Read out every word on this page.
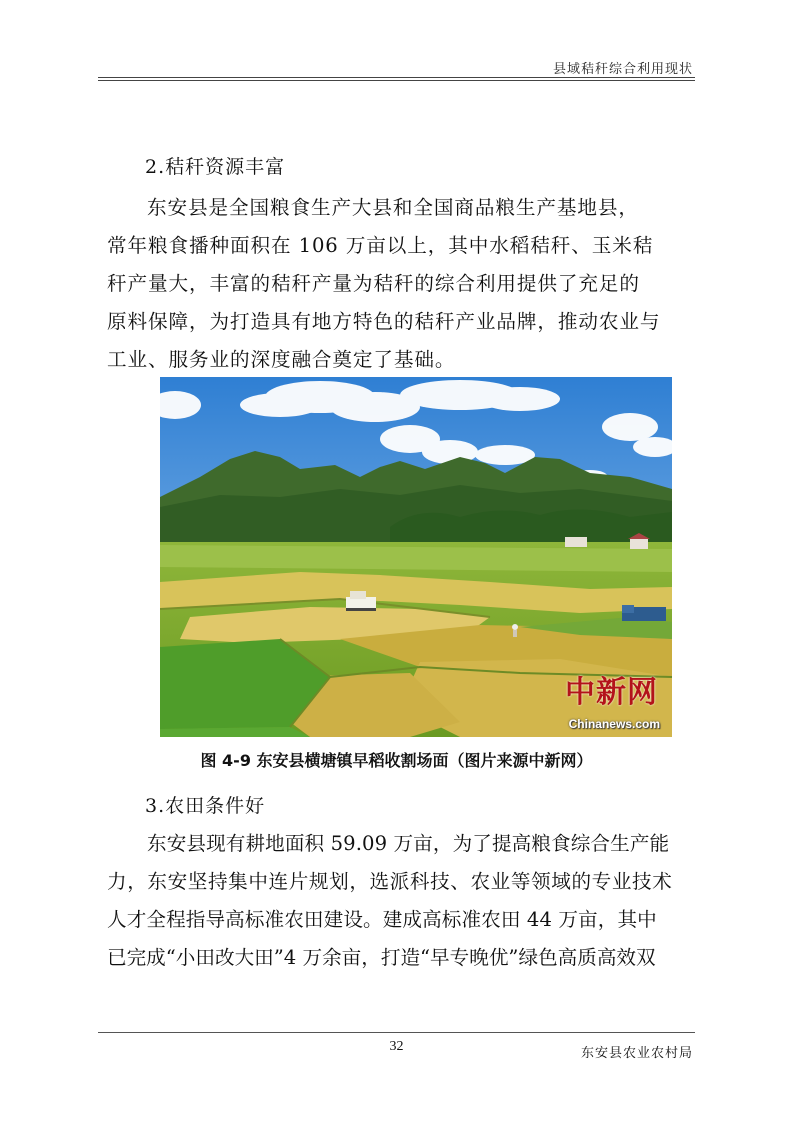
县域秸秆综合利用现状
2.秸秆资源丰富
东安县是全国粮食生产大县和全国商品粮生产基地县，
常年粮食播种面积在 106 万亩以上，其中水稻秸秆、玉米秸
秆产量大，丰富的秸秆产量为秸秆的综合利用提供了充足的
原料保障，为打造具有地方特色的秸秆产业品牌，推动农业与
工业、服务业的深度融合奠定了基础。
中新网
Chinanews.com
图 4-9 东安县横塘镇早稻收割场面（图片来源中新网）
3.农田条件好
东安县现有耕地面积 59.09 万亩，为了提高粮食综合生产能
力，东安坚持集中连片规划，选派科技、农业等领域的专业技术
人才全程指导高标准农田建设。建成高标准农田 44 万亩，其中
已完成“小田改大田”4 万余亩，打造“早专晚优”绿色高质高效双
32	东安县农业农村局
